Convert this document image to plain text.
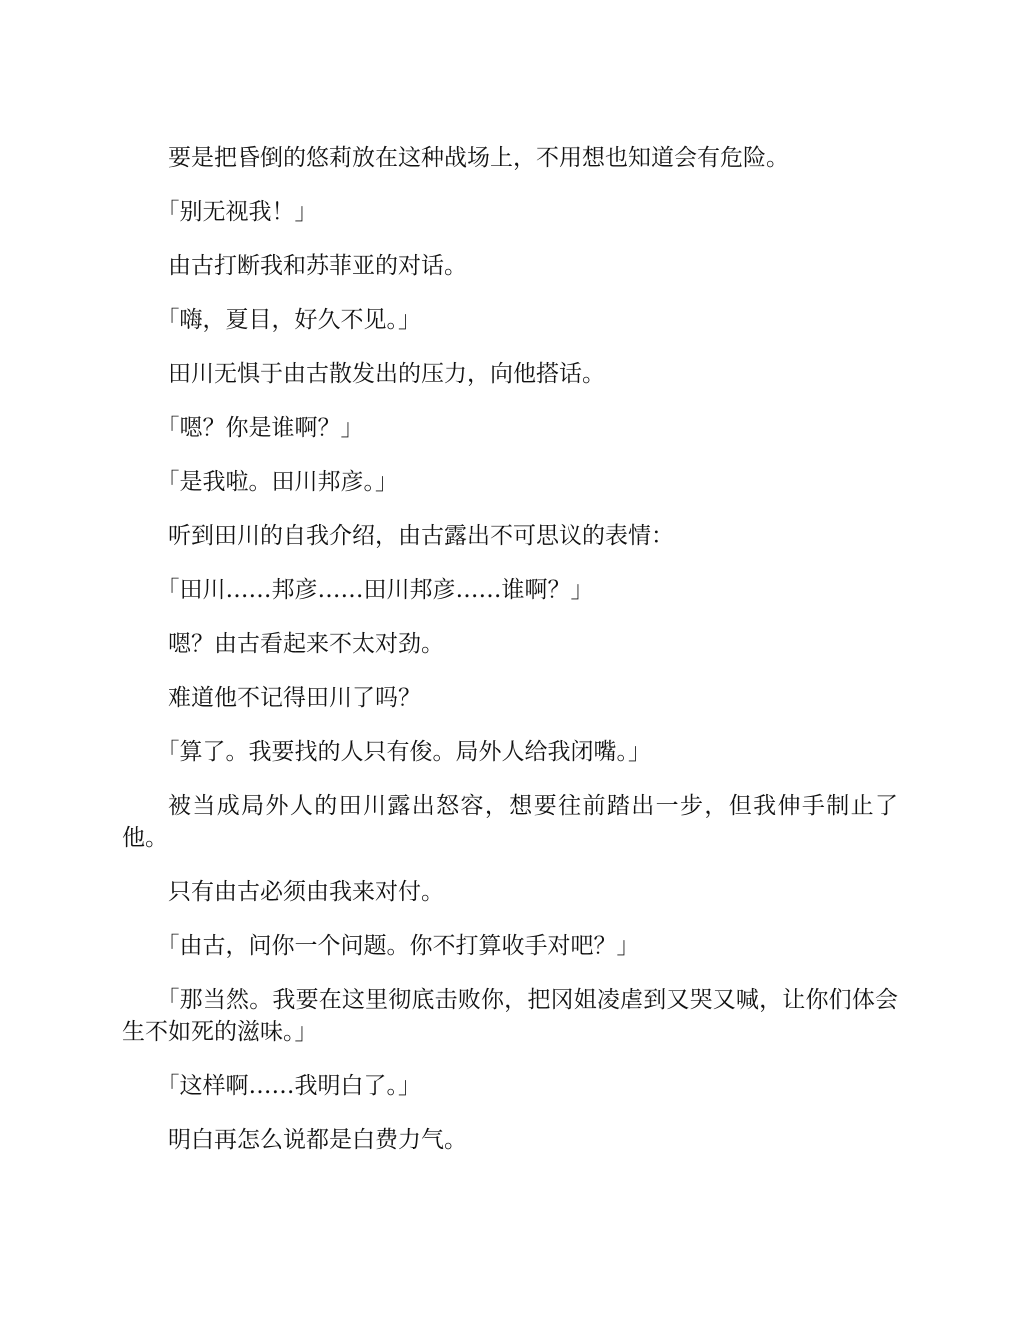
要是把昏倒的悠莉放在这种战场上，不用想也知道会有危险。

「别无视我！」

由古打断我和苏菲亚的对话。

「嗨，夏目，好久不见。」

田川无惧于由古散发出的压力，向他搭话。

「嗯？你是谁啊？」

「是我啦。田川邦彦。」

听到田川的自我介绍，由古露出不可思议的表情：

「田川……邦彦……田川邦彦……谁啊？」

嗯？由古看起来不太对劲。

难道他不记得田川了吗？

「算了。我要找的人只有俊。局外人给我闭嘴。」

被当成局外人的田川露出怒容，想要往前踏出一步，但我伸手制止了他。

只有由古必须由我来对付。

「由古，问你一个问题。你不打算收手对吧？」

「那当然。我要在这里彻底击败你，把冈姐凌虐到又哭又喊，让你们体会生不如死的滋味。」

「这样啊……我明白了。」

明白再怎么说都是白费力气。
